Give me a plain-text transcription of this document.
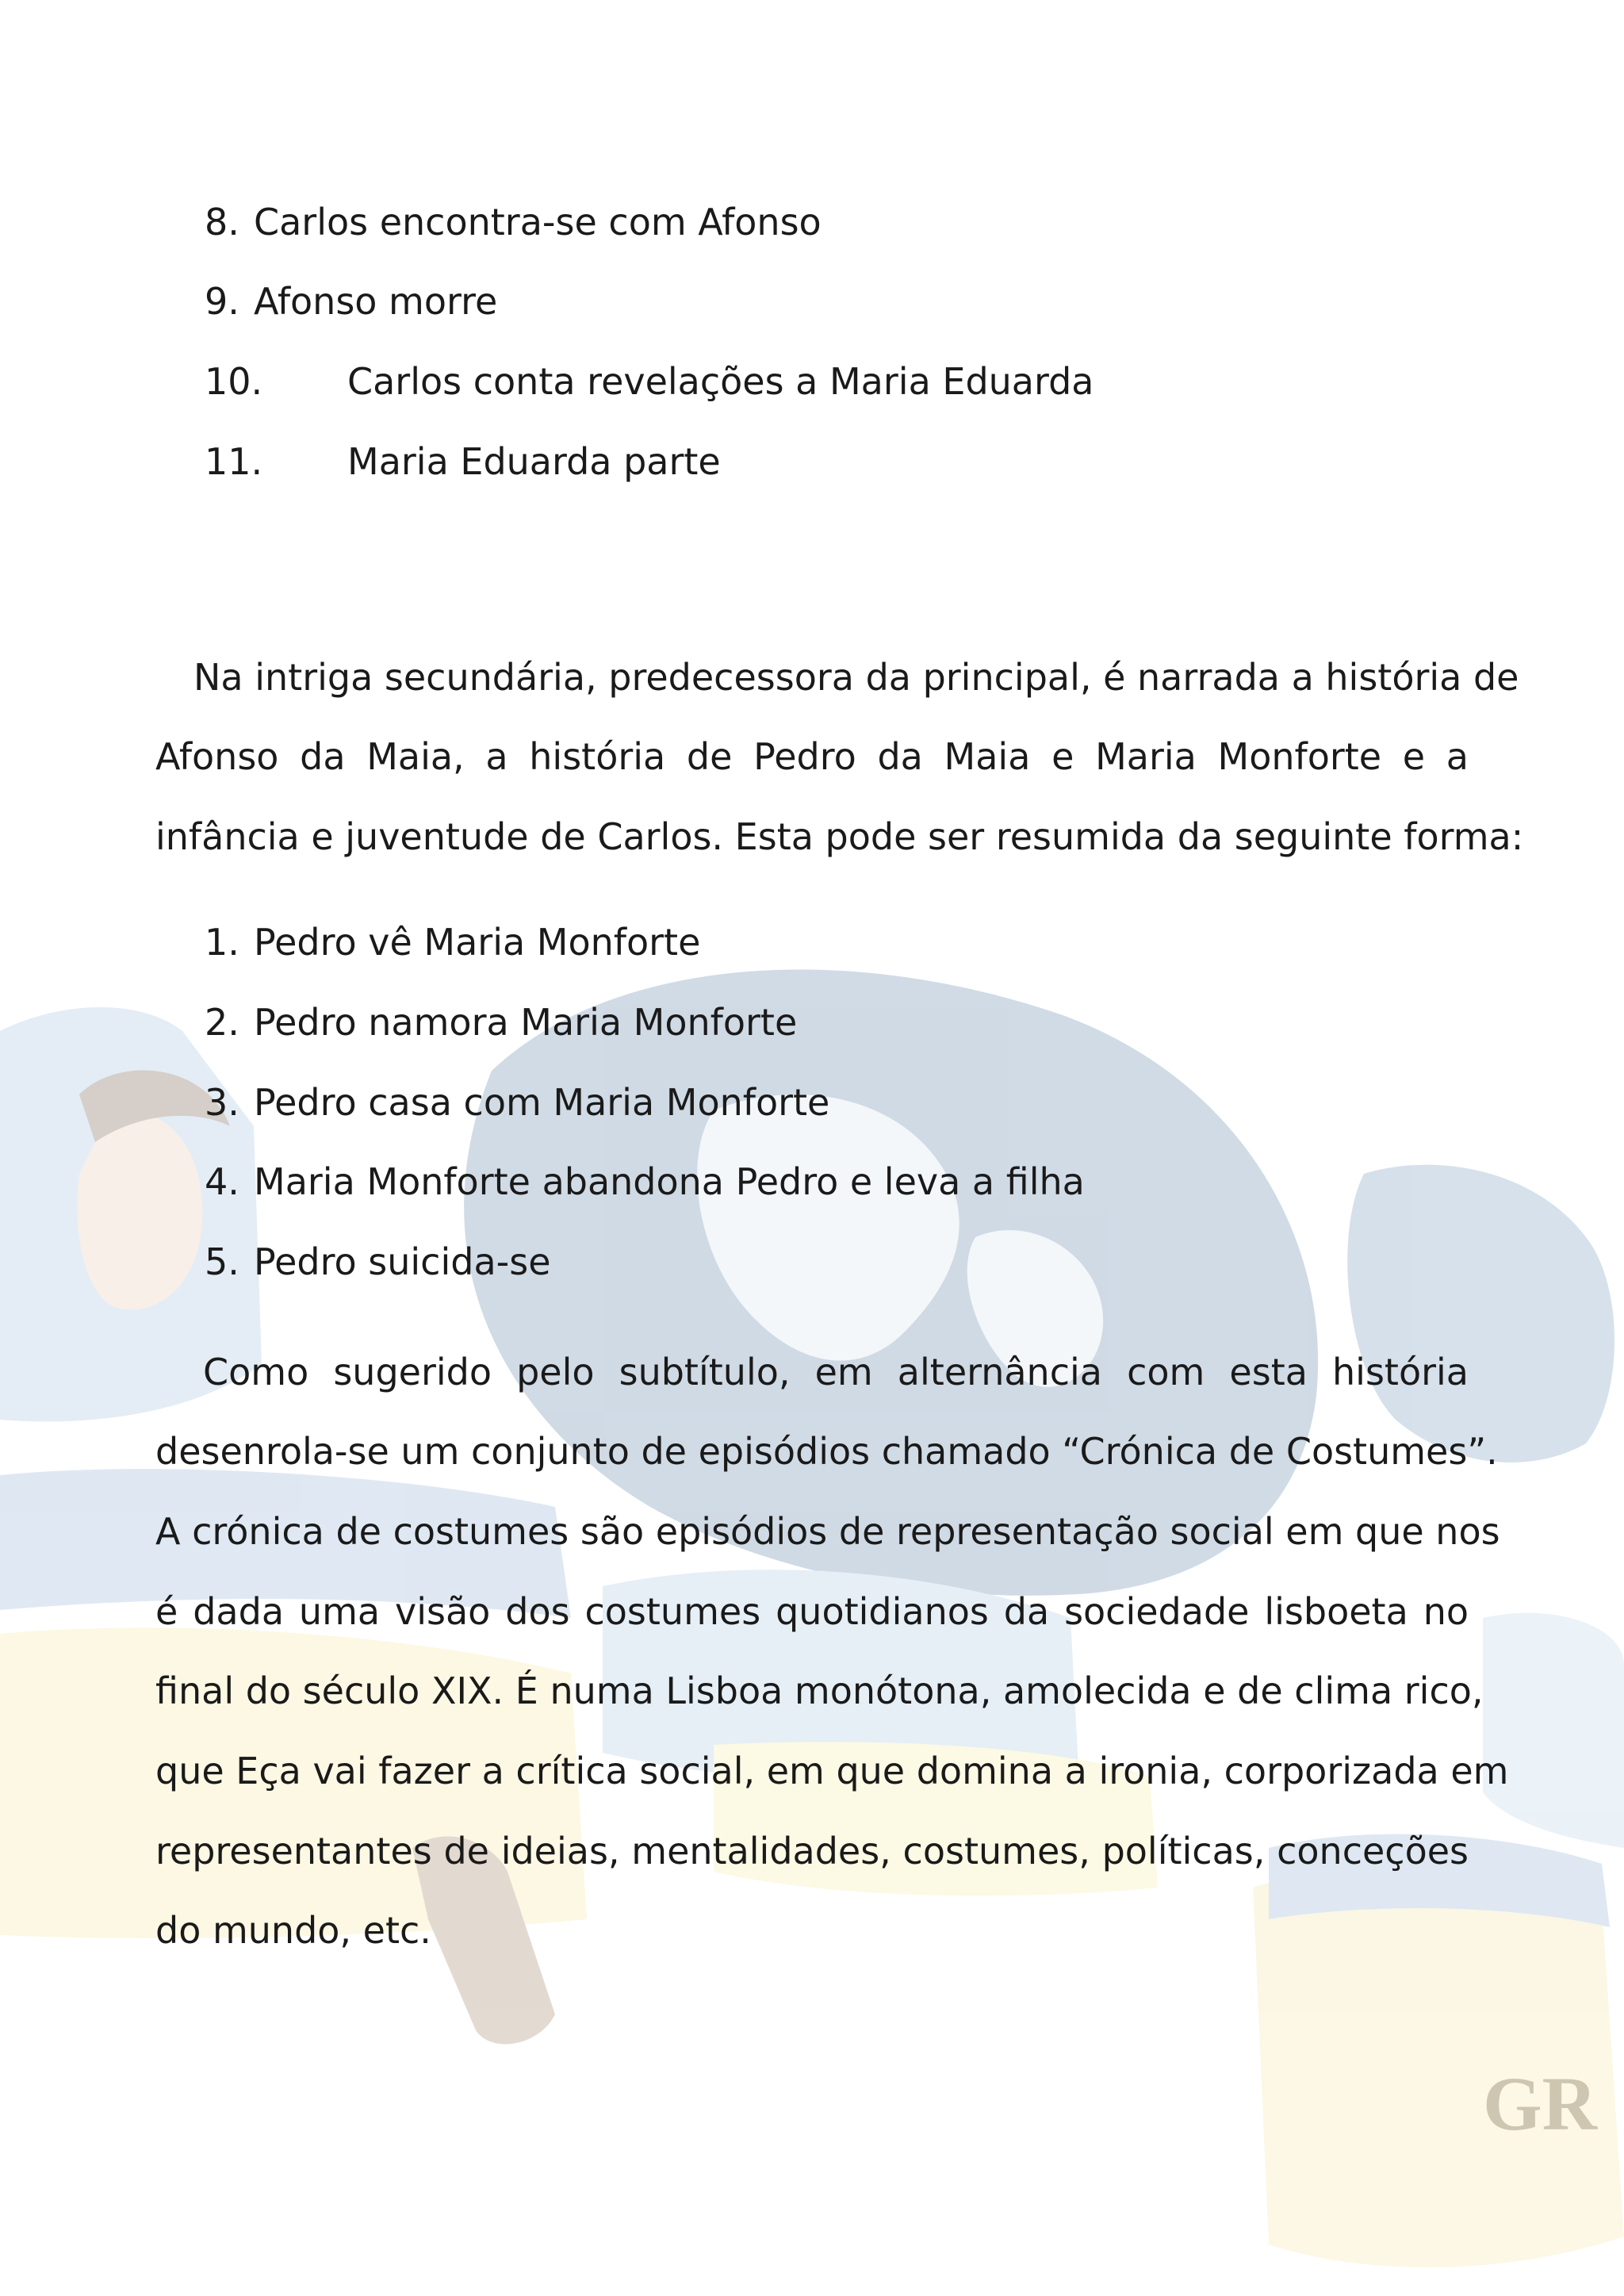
GR
8. Carlos encontra-se com Afonso
9. Afonso morre
10. Carlos conta revelações a Maria Eduarda
11. Maria Eduarda parte
Na intriga secundária, predecessora da principal, é narrada a história de
Afonso da Maia, a história de Pedro da Maia e Maria Monforte e a
infância e juventude de Carlos. Esta pode ser resumida da seguinte forma:
1. Pedro vê Maria Monforte
2. Pedro namora Maria Monforte
3. Pedro casa com Maria Monforte
4. Maria Monforte abandona Pedro e leva a filha
5. Pedro suicida-se
Como sugerido pelo subtítulo, em alternância com esta história
desenrola-se um conjunto de episódios chamado “Crónica de Costumes”.
A crónica de costumes são episódios de representação social em que nos
é dada uma visão dos costumes quotidianos da sociedade lisboeta no
final do século XIX. É numa Lisboa monótona, amolecida e de clima rico,
que Eça vai fazer a crítica social, em que domina a ironia, corporizada em
representantes de ideias, mentalidades, costumes, políticas, conceções
do mundo, etc.
